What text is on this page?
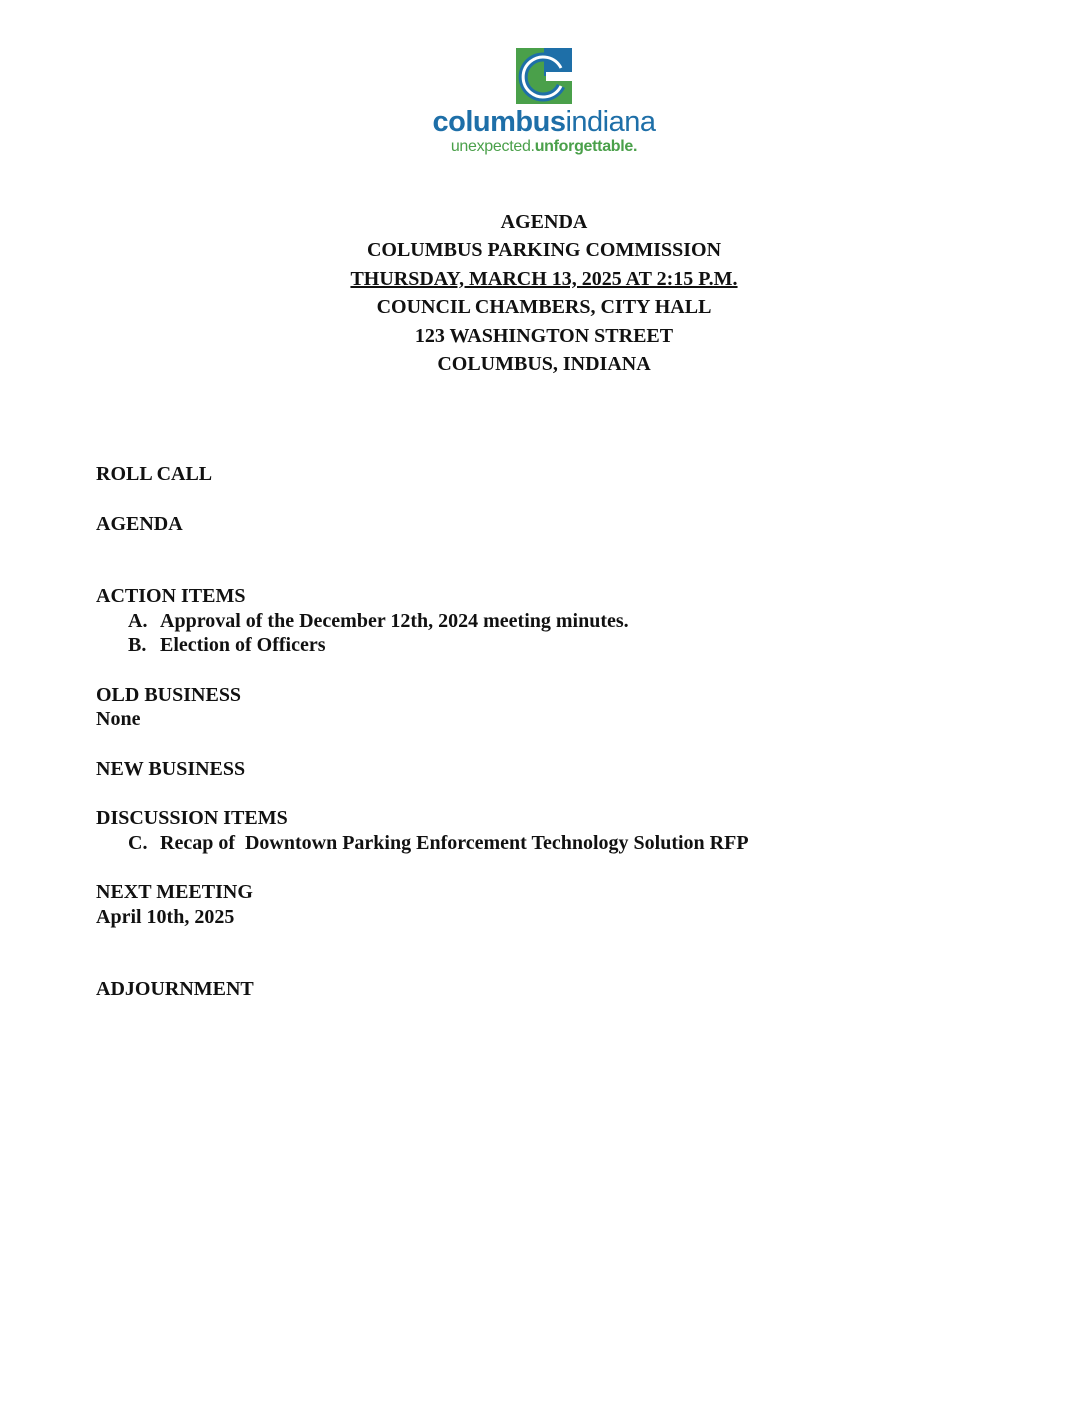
columbusindiana
unexpected.unforgettable.
AGENDA
COLUMBUS PARKING COMMISSION
THURSDAY, MARCH 13, 2025 AT 2:15 P.M.
COUNCIL CHAMBERS, CITY HALL
123 WASHINGTON STREET
COLUMBUS, INDIANA
ROLL CALL
AGENDA
ACTION ITEMS
A. Approval of the December 12th, 2024 meeting minutes.
B. Election of Officers
OLD BUSINESS
None
NEW BUSINESS
DISCUSSION ITEMS
C. Recap of  Downtown Parking Enforcement Technology Solution RFP
NEXT MEETING
April 10th, 2025
ADJOURNMENT
